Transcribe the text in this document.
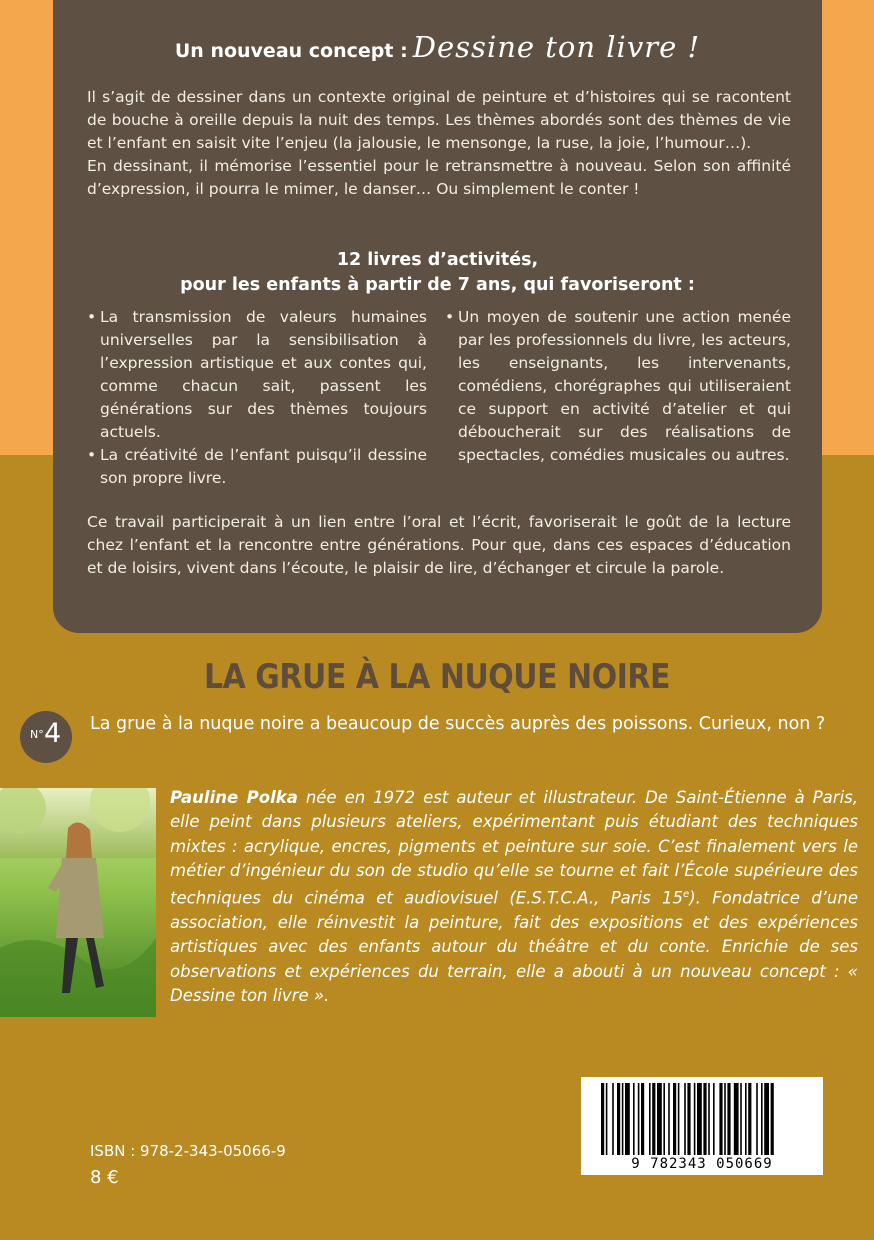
Un nouveau concept : Dessine ton livre !

Il s’agit de dessiner dans un contexte original de peinture et d’histoires qui se racontent de bouche à oreille depuis la nuit des temps. Les thèmes abordés sont des thèmes de vie et l’enfant en saisit vite l’enjeu (la jalousie, le mensonge, la ruse, la joie, l’humour…).

En dessinant, il mémorise l’essentiel pour le retransmettre à nouveau. Selon son affinité d’expression, il pourra le mimer, le danser… Ou simplement le conter !

12 livres d’activités,
pour les enfants à partir de 7 ans, qui favoriseront :

• La transmission de valeurs humaines universelles par la sensibilisation à l’expression artistique et aux contes qui, comme chacun sait, passent les générations sur des thèmes toujours actuels.

• La créativité de l’enfant puisqu’il dessine son propre livre.

• Un moyen de soutenir une action menée par les professionnels du livre, les acteurs, les enseignants, les intervenants, comédiens, chorégraphes qui utiliseraient ce support en activité d’atelier et qui déboucherait sur des réalisations de spectacles, comédies musicales ou autres.

Ce travail participerait à un lien entre l’oral et l’écrit, favoriserait le goût de la lecture chez l’enfant et la rencontre entre générations. Pour que, dans ces espaces d’éducation et de loisirs, vivent dans l’écoute, le plaisir de lire, d’échanger et circule la parole.

LA GRUE À LA NUQUE NOIRE
N° 4 La grue à la nuque noire a beaucoup de succès auprès des poissons. Curieux, non ?

Pauline Polka née en 1972 est auteur et illustrateur. De Saint-Étienne à Paris, elle peint dans plusieurs ateliers, expérimentant puis étudiant des techniques mixtes : acrylique, encres, pigments et peinture sur soie. C’est finalement vers le métier d’ingénieur du son de studio qu’elle se tourne et fait l’École supérieure des techniques du cinéma et audiovisuel (E.S.T.C.A., Paris 15e). Fondatrice d’une association, elle réinvestit la peinture, fait des expositions et des expériences artistiques avec des enfants autour du théâtre et du conte. Enrichie de ses observations et expériences du terrain, elle a abouti à un nouveau concept : « Dessine ton livre ».

9 782343 050669
ISBN : 978-2-343-05066-9
8 €
